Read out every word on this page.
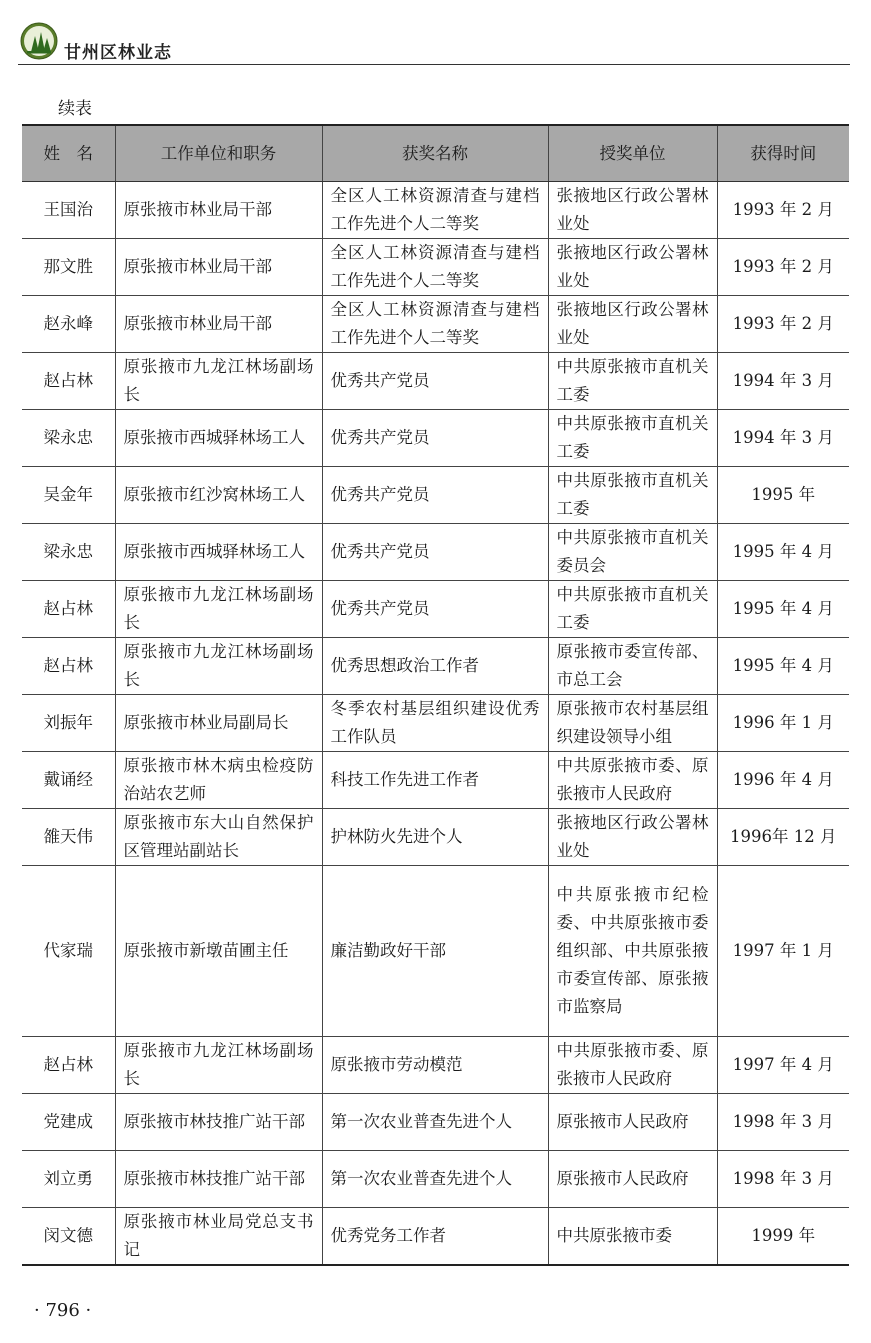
甘州区林业志
续表
姓　名	工作单位和职务	获奖名称	授奖单位	获得时间
王国治	原张掖市林业局干部	全区人工林资源清查与建档工作先进个人二等奖	张掖地区行政公署林业处	1993 年 2 月
那文胜	原张掖市林业局干部	全区人工林资源清查与建档工作先进个人二等奖	张掖地区行政公署林业处	1993 年 2 月
赵永峰	原张掖市林业局干部	全区人工林资源清查与建档工作先进个人二等奖	张掖地区行政公署林业处	1993 年 2 月
赵占林	原张掖市九龙江林场副场长	优秀共产党员	中共原张掖市直机关工委	1994 年 3 月
梁永忠	原张掖市西城驿林场工人	优秀共产党员	中共原张掖市直机关工委	1994 年 3 月
吴金年	原张掖市红沙窝林场工人	优秀共产党员	中共原张掖市直机关工委	1995 年
梁永忠	原张掖市西城驿林场工人	优秀共产党员	中共原张掖市直机关委员会	1995 年 4 月
赵占林	原张掖市九龙江林场副场长	优秀共产党员	中共原张掖市直机关工委	1995 年 4 月
赵占林	原张掖市九龙江林场副场长	优秀思想政治工作者	原张掖市委宣传部、市总工会	1995 年 4 月
刘振年	原张掖市林业局副局长	冬季农村基层组织建设优秀工作队员	原张掖市农村基层组织建设领导小组	1996 年 1 月
戴诵经	原张掖市林木病虫检疫防治站农艺师	科技工作先进工作者	中共原张掖市委、原张掖市人民政府	1996 年 4 月
雒天伟	原张掖市东大山自然保护区管理站副站长	护林防火先进个人	张掖地区行政公署林业处	1996年 12 月
代家瑞	原张掖市新墩苗圃主任	廉洁勤政好干部	中共原张掖市纪检委、中共原张掖市委组织部、中共原张掖市委宣传部、原张掖市监察局	1997 年 1 月
赵占林	原张掖市九龙江林场副场长	原张掖市劳动模范	中共原张掖市委、原张掖市人民政府	1997 年 4 月
党建成	原张掖市林技推广站干部	第一次农业普查先进个人	原张掖市人民政府	1998 年 3 月
刘立勇	原张掖市林技推广站干部	第一次农业普查先进个人	原张掖市人民政府	1998 年 3 月
闵文德	原张掖市林业局党总支书记	优秀党务工作者	中共原张掖市委	1999 年
· 796 ·
